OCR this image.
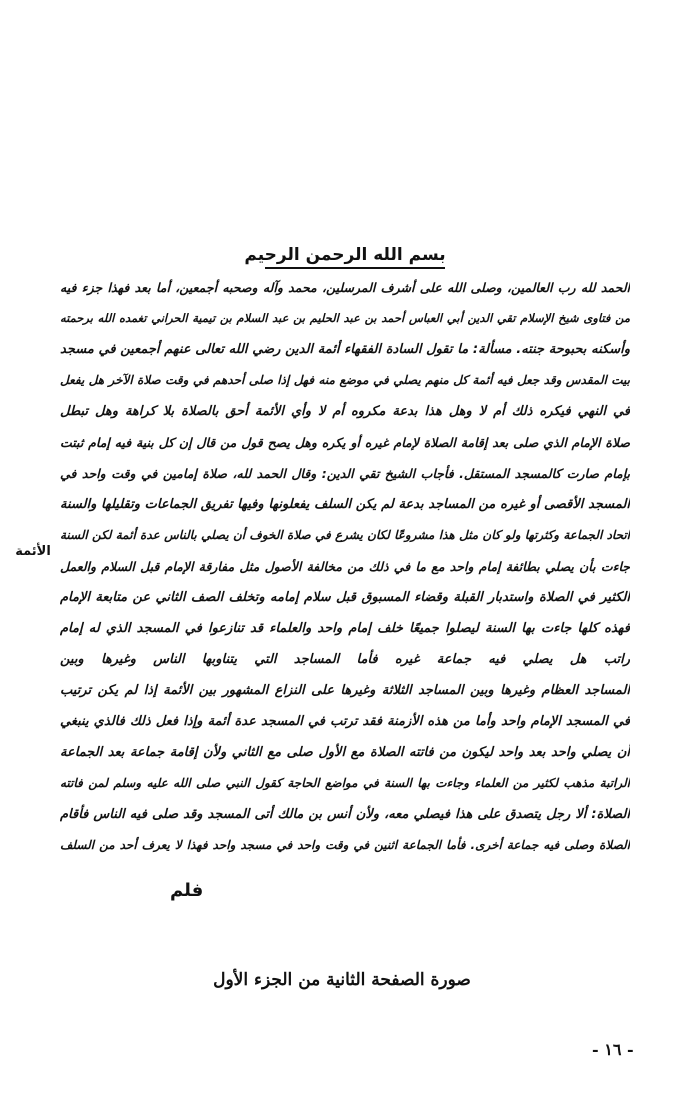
بسم الله الرحمن الرحيم
الحمد لله رب العالمين، وصلى الله على أشرف المرسلين، محمد وآله وصحبه أجمعين، أما بعد فهذا جزء فيه
من فتاوى شيخ الإسلام تقي الدين أبي العباس أحمد بن عبد الحليم بن عبد السلام بن تيمية الحراني تغمده الله برحمته
وأسكنه بحبوحة جنته. مسألة: ما تقول السادة الفقهاء أئمة الدين رضي الله تعالى عنهم أجمعين في مسجد
بيت المقدس وقد جعل فيه أئمة كل منهم يصلي في موضع منه فهل إذا صلى أحدهم في وقت صلاة الآخر هل يفعل
في النهي فيكره ذلك أم لا وهل هذا بدعة مكروه أم لا وأي الأئمة أحق بالصلاة بلا كراهة وهل تبطل
صلاة الإمام الذي صلى بعد إقامة الصلاة لإمام غيره أو يكره وهل يصح قول من قال إن كل بنية فيه إمام ثبتت
بإمام صارت كالمسجد المستقل. فأجاب الشيخ تقي الدين: وقال الحمد لله، صلاة إمامين في وقت واحد في
المسجد الأقصى أو غيره من المساجد بدعة لم يكن السلف يفعلونها وفيها تفريق الجماعات وتقليلها والسنة
اتحاد الجماعة وكثرتها ولو كان مثل هذا مشروعًا لكان يشرع في صلاة الخوف أن يصلي بالناس عدة أئمة لكن السنة
جاءت بأن يصلي بطائفة إمام واحد مع ما في ذلك من مخالفة الأصول مثل مفارقة الإمام قبل السلام والعمل
الكثير في الصلاة واستدبار القبلة وقضاء المسبوق قبل سلام إمامه وتخلف الصف الثاني عن متابعة الإمام
فهذه كلها جاءت بها السنة ليصلوا جميعًا خلف إمام واحد والعلماء قد تنازعوا في المسجد الذي له إمام
راتب هل يصلي فيه جماعة غيره فأما المساجد التي يتناوبها الناس وغيرها وبين
المساجد العظام وغيرها وبين المساجد الثلاثة وغيرها على النزاع المشهور بين الأئمة إذا لم يكن ترتيب
في المسجد الإمام واحد وأما من هذه الأزمنة فقد ترتب في المسجد عدة أئمة وإذا فعل ذلك فالذي ينبغي
أن يصلي واحد بعد واحد ليكون من فاتته الصلاة مع الأول صلى مع الثاني ولأن إقامة جماعة بعد الجماعة
الراتبة مذهب لكثير من العلماء وجاءت بها السنة في مواضع الحاجة كقول النبي صلى الله عليه وسلم لمن فاتته
الصلاة: ألا رجل يتصدق على هذا فيصلي معه، ولأن أنس بن مالك أتى المسجد وقد صلى فيه الناس فأقام
الصلاة وصلى فيه جماعة أخرى. فأما الجماعة اثنين في وقت واحد في مسجد واحد فهذا لا يعرف أحد من السلف
الأئمة
فلم
صورة الصفحة الثانية من الجزء الأول
- ١٦ -
